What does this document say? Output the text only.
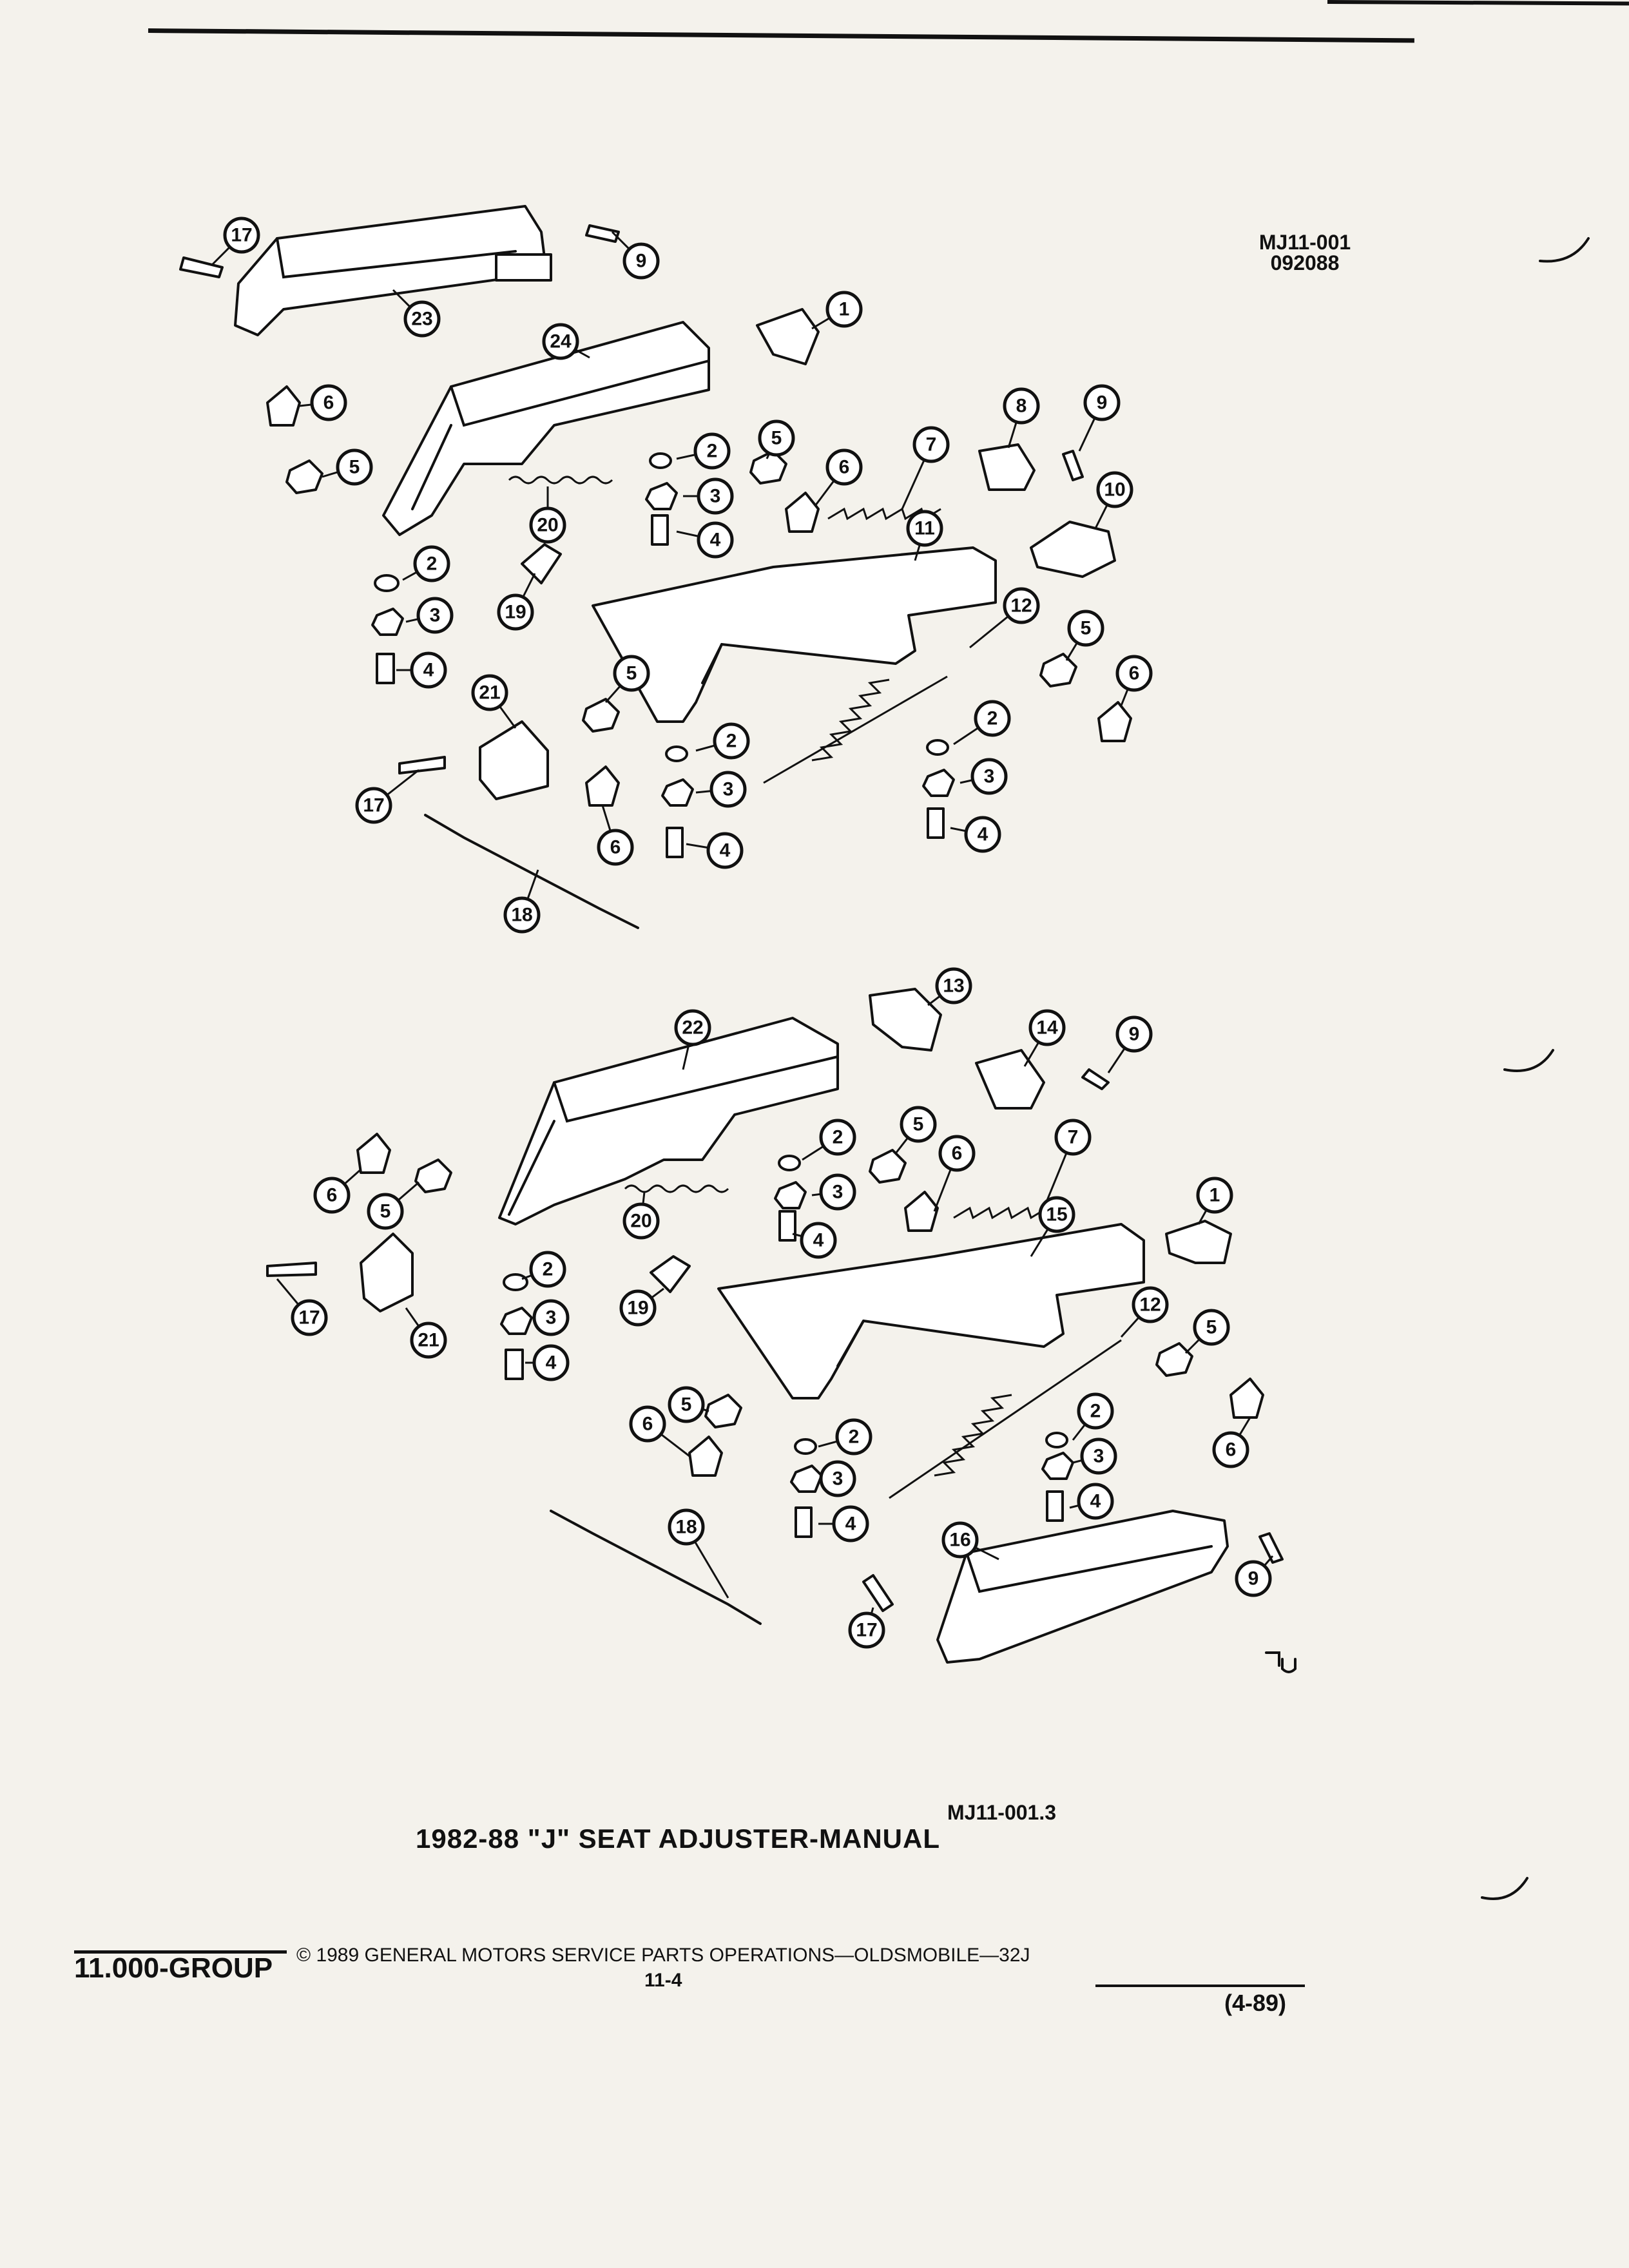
MJ11-001
092088
17
9
23	1
24
6
5
2
3
4
5
6
7
8	9
10
20	11
2
19
3
4
12
5
6
21
5
2
17
3
2
3
6	4
4
18
13
22	14	9
2
5
6
7
6
5
3	1
20
4
15
17
21
2
19
3
4
12
5
5	2
6
2
3	6
3
4
4
18
16
9
17
MJ11-001.3
1982-88 "J" SEAT ADJUSTER-MANUAL
11.000-GROUP © 1989 GENERAL MOTORS SERVICE PARTS OPERATIONS—OLDSMOBILE—32J
11-4
(4-89)
